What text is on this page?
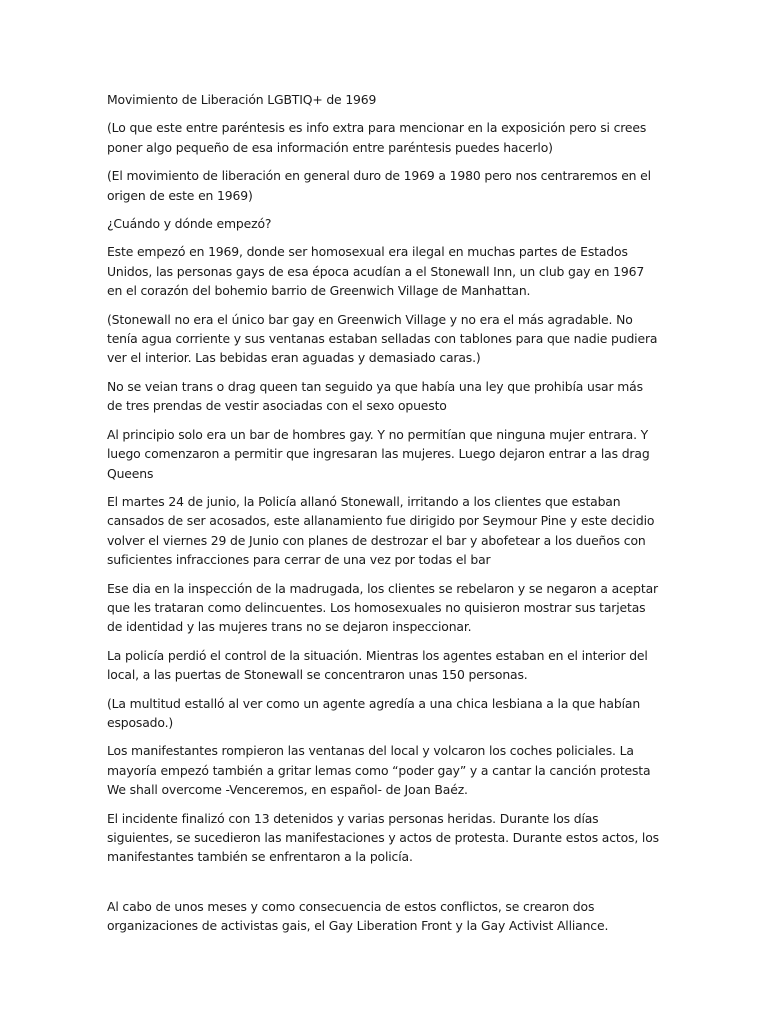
Movimiento de Liberación LGBTIQ+ de 1969

(Lo que este entre paréntesis es info extra para mencionar en la exposición pero si crees poner algo pequeño de esa información entre paréntesis puedes hacerlo)

(El movimiento de liberación en general duro de 1969 a 1980 pero nos centraremos en el origen de este en 1969)

¿Cuándo y dónde empezó?

Este empezó en 1969, donde ser homosexual era ilegal en muchas partes de Estados Unidos, las personas gays de esa época acudían a el Stonewall Inn, un club gay en 1967 en el corazón del bohemio barrio de Greenwich Village de Manhattan.

(Stonewall no era el único bar gay en Greenwich Village y no era el más agradable. No tenía agua corriente y sus ventanas estaban selladas con tablones para que nadie pudiera ver el interior. Las bebidas eran aguadas y demasiado caras.)

No se veian trans o drag queen tan seguido ya que había una ley que prohibía usar más de tres prendas de vestir asociadas con el sexo opuesto

Al principio solo era un bar de hombres gay. Y no permitían que ninguna mujer entrara. Y luego comenzaron a permitir que ingresaran las mujeres. Luego dejaron entrar a las drag Queens

El martes 24 de junio, la Policía allanó Stonewall, irritando a los clientes que estaban cansados de ser acosados, este allanamiento fue dirigido por Seymour Pine y este decidio volver el viernes 29 de Junio con planes de destrozar el bar y abofetear a los dueños con suficientes infracciones para cerrar de una vez por todas el bar

Ese dia en la inspección de la madrugada, los clientes se rebelaron y se negaron a aceptar que les trataran como delincuentes. Los homosexuales no quisieron mostrar sus tarjetas de identidad y las mujeres trans no se dejaron inspeccionar.

La policía perdió el control de la situación. Mientras los agentes estaban en el interior del local, a las puertas de Stonewall se concentraron unas 150 personas.

(La multitud estalló al ver como un agente agredía a una chica lesbiana a la que habían esposado.)

Los manifestantes rompieron las ventanas del local y volcaron los coches policiales. La mayoría empezó también a gritar lemas como “poder gay” y a cantar la canción protesta We shall overcome -Venceremos, en español- de Joan Baéz.

El incidente finalizó con 13 detenidos y varias personas heridas. Durante los días siguientes, se sucedieron las manifestaciones y actos de protesta. Durante estos actos, los manifestantes también se enfrentaron a la policía.

Al cabo de unos meses y como consecuencia de estos conflictos, se crearon dos organizaciones de activistas gais, el Gay Liberation Front y la Gay Activist Alliance.
